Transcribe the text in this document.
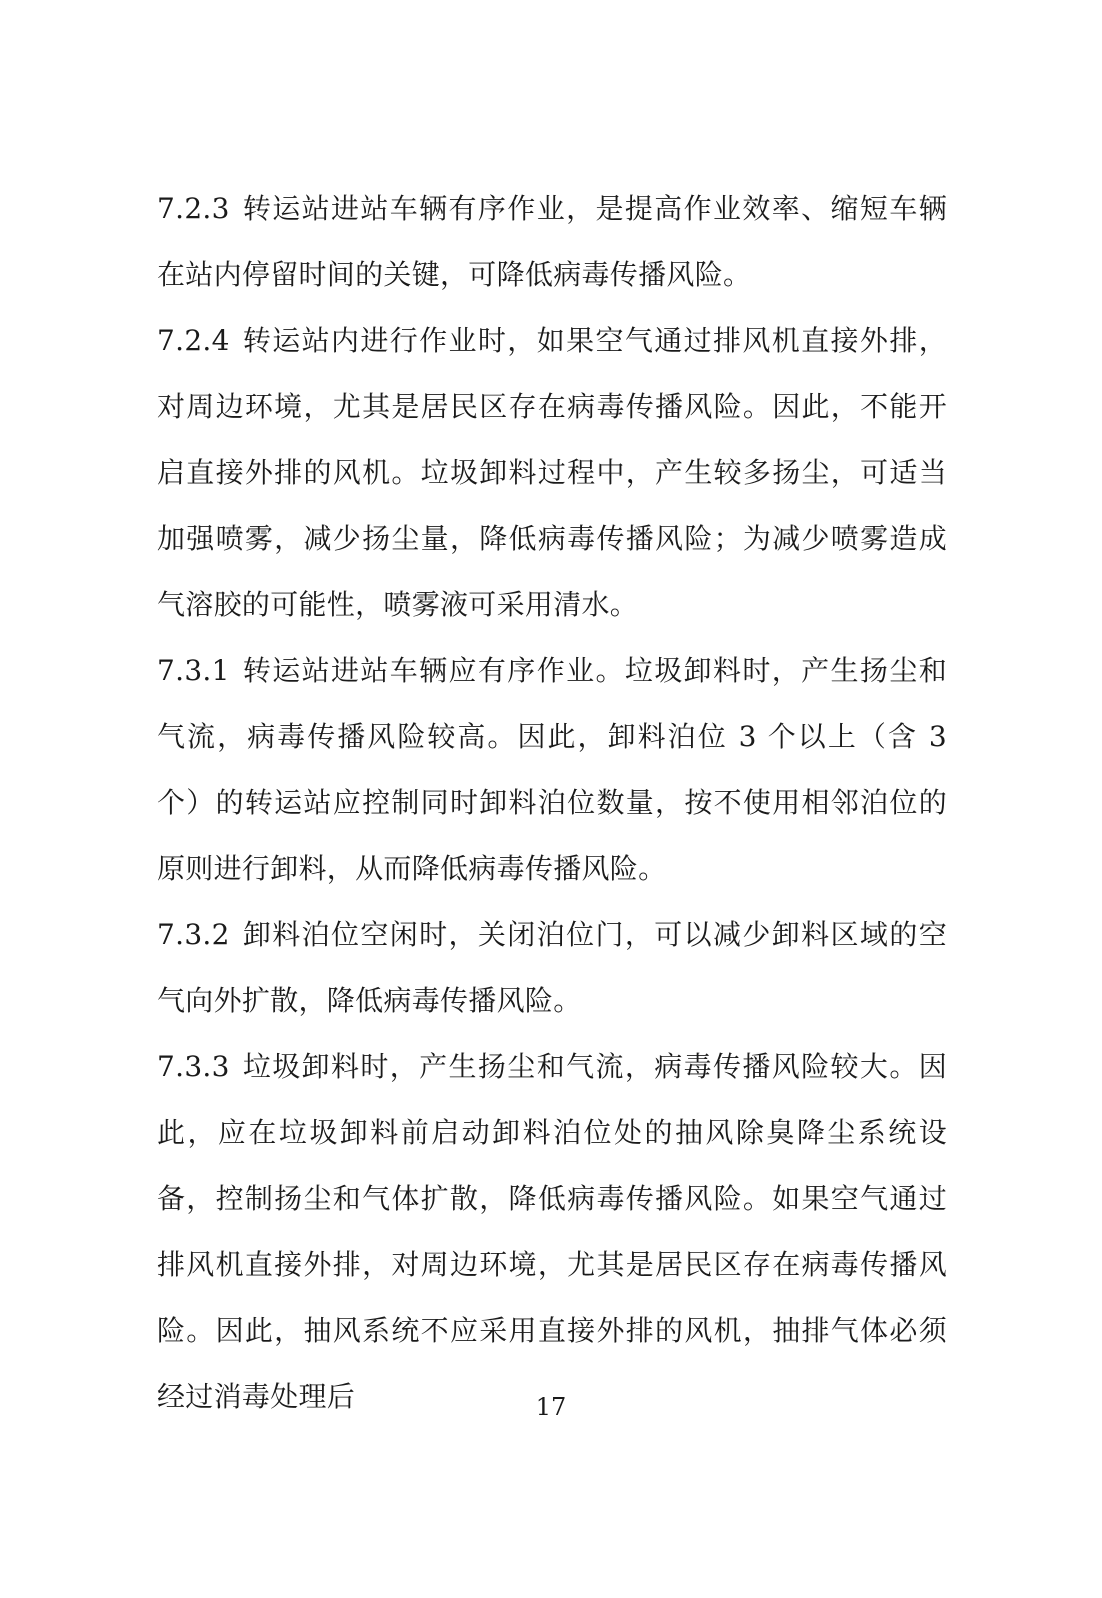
7.2.3 转运站进站车辆有序作业，是提高作业效率、缩短车辆在站内停留时间的关键，可降低病毒传播风险。

7.2.4 转运站内进行作业时，如果空气通过排风机直接外排，对周边环境，尤其是居民区存在病毒传播风险。因此，不能开启直接外排的风机。垃圾卸料过程中，产生较多扬尘，可适当加强喷雾，减少扬尘量，降低病毒传播风险；为减少喷雾造成气溶胶的可能性，喷雾液可采用清水。

7.3.1 转运站进站车辆应有序作业。垃圾卸料时，产生扬尘和气流，病毒传播风险较高。因此，卸料泊位 3 个以上（含 3 个）的转运站应控制同时卸料泊位数量，按不使用相邻泊位的原则进行卸料，从而降低病毒传播风险。

7.3.2 卸料泊位空闲时，关闭泊位门，可以减少卸料区域的空气向外扩散，降低病毒传播风险。

7.3.3 垃圾卸料时，产生扬尘和气流，病毒传播风险较大。因此，应在垃圾卸料前启动卸料泊位处的抽风除臭降尘系统设备，控制扬尘和气体扩散，降低病毒传播风险。如果空气通过排风机直接外排，对周边环境，尤其是居民区存在病毒传播风险。因此，抽风系统不应采用直接外排的风机，抽排气体必须经过消毒处理后	17
